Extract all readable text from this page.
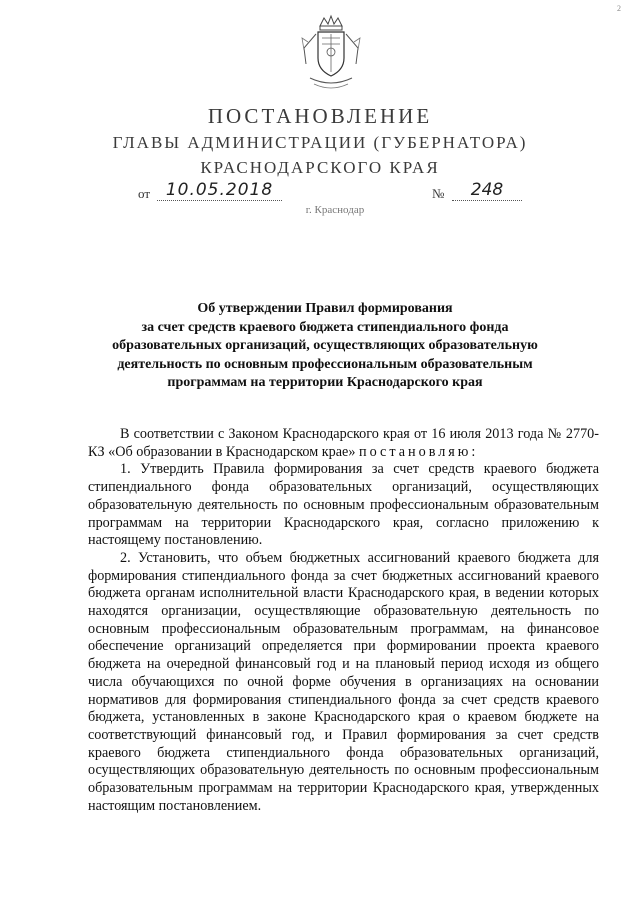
2
ПОСТАНОВЛЕНИЕ
ГЛАВЫ АДМИНИСТРАЦИИ (ГУБЕРНАТОРА)
КРАСНОДАРСКОГО КРАЯ
от 10.05.2018	№	248
г. Краснодар
Об утверждении Правил формирования
за счет средств краевого бюджета стипендиального фонда
образовательных организаций, осуществляющих образовательную
деятельность по основным профессиональным образовательным
программам на территории Краснодарского края

В соответствии с Законом Краснодарского края от 16 июля 2013 года № 2770-КЗ «Об образовании в Краснодарском крае» постановляю:

1. Утвердить Правила формирования за счет средств краевого бюджета стипендиального фонда образовательных организаций, осуществляющих образовательную деятельность по основным профессиональным образовательным программам на территории Краснодарского края, согласно приложению к настоящему постановлению.

2. Установить, что объем бюджетных ассигнований краевого бюджета для формирования стипендиального фонда за счет бюджетных ассигнований краевого бюджета органам исполнительной власти Краснодарского края, в ведении которых находятся организации, осуществляющие образовательную деятельность по основным профессиональным образовательным программам, на финансовое обеспечение организаций определяется при формировании проекта краевого бюджета на очередной финансовый год и на плановый период исходя из общего числа обучающихся по очной форме обучения в организациях на основании нормативов для формирования стипендиального фонда за счет средств краевого бюджета, установленных в законе Краснодарского края о краевом бюджете на соответствующий финансовый год, и Правил формирования за счет средств краевого бюджета стипендиального фонда образовательных организаций, осуществляющих образовательную деятельность по основным профессиональным образовательным программам на территории Краснодарского края, утвержденных настоящим постановлением.
